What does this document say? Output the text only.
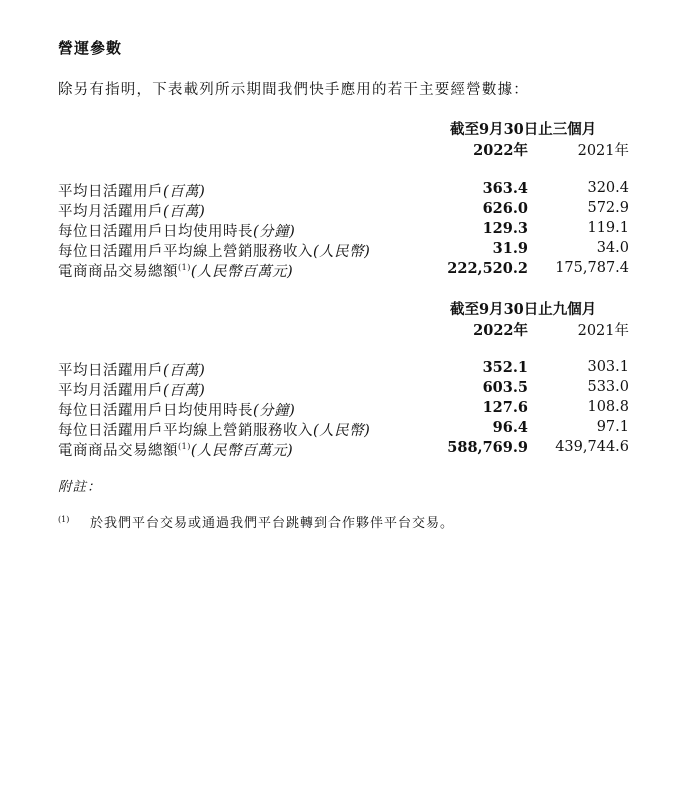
營運參數
除另有指明，下表載列所示期間我們快手應用的若干主要經營數據：
截至9月30日止三個月
2022年	2021年
平均日活躍用戶(百萬)	363.4	320.4
平均月活躍用戶(百萬)	626.0	572.9
每位日活躍用戶日均使用時長(分鐘)	129.3	119.1
每位日活躍用戶平均線上營銷服務收入(人民幣)	31.9	34.0
電商商品交易總額$^{(1)}$(人民幣百萬元)	222,520.2	175,787.4
截至9月30日止九個月
2022年	2021年
平均日活躍用戶(百萬)	352.1	303.1
平均月活躍用戶(百萬)	603.5	533.0
每位日活躍用戶日均使用時長(分鐘)	127.6	108.8
每位日活躍用戶平均線上營銷服務收入(人民幣)	96.4	97.1
電商商品交易總額$^{(1)}$(人民幣百萬元)	588,769.9	439,744.6
附註：
(1) 於我們平台交易或通過我們平台跳轉到合作夥伴平台交易。
